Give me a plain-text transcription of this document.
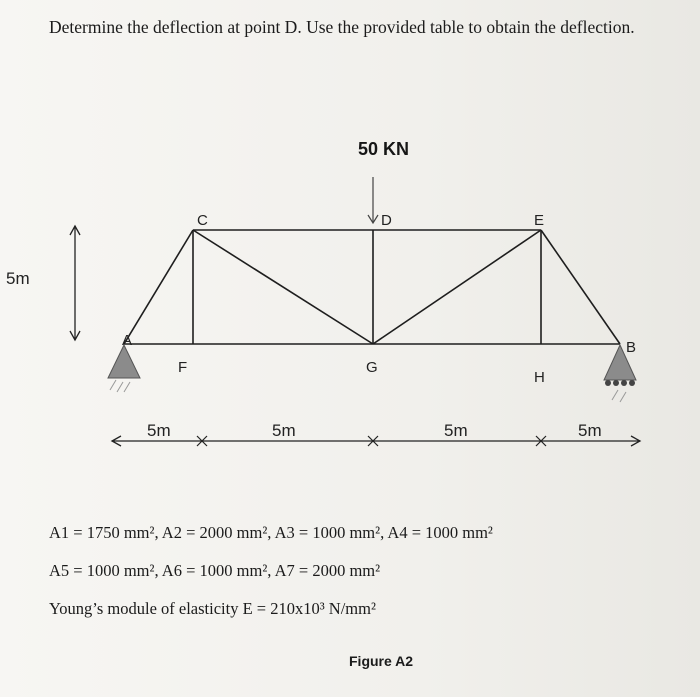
Determine the deflection at point D. Use the provided table to obtain the deflection.
50 KN
A	B
C	D	E
F	G
H
5m
5m	5m	5m	5m
A1 = 1750 mm², A2 = 2000 mm², A3 = 1000 mm², A4 = 1000 mm²
A5 = 1000 mm², A6 = 1000 mm², A7 = 2000 mm²
Young’s module of elasticity E = 210x10³ N/mm²
Figure A2
